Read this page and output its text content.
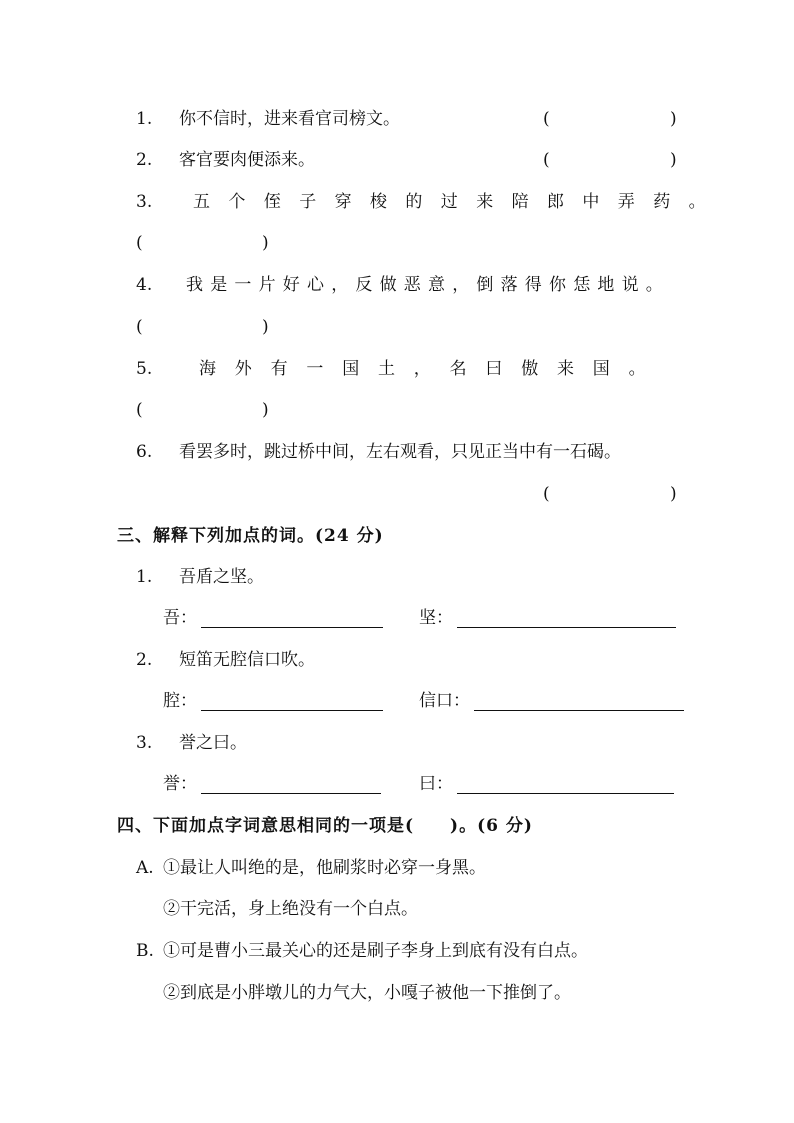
1. 你不信时，进来看官司榜文。	(	)
2. 客官要肉便添来。	(	)
3. 五个侄子穿梭的过来陪郎中弄药。
(	)
4. 我是一片好心，反做恶意，倒落得你恁地说。
(	)
5.	海外有一国土，名曰傲来国。
(	)
6. 看罢多时，跳过桥中间，左右观看，只见正当中有一石碣。
(	)
三、解释下列加点的词。(24 分)
1. 吾盾之坚。
吾：	坚：
2. 短笛无腔信口吹。
腔：	信口：
3. 誉之曰。
誉：	曰：
四、下面加点字词意思相同的一项是(　　)。(6 分)
A. ①最让人叫绝的是，他刷浆时必穿一身黑。
②干完活，身上绝没有一个白点。
B. ①可是曹小三最关心的还是刷子李身上到底有没有白点。
②到底是小胖墩儿的力气大，小嘎子被他一下推倒了。
